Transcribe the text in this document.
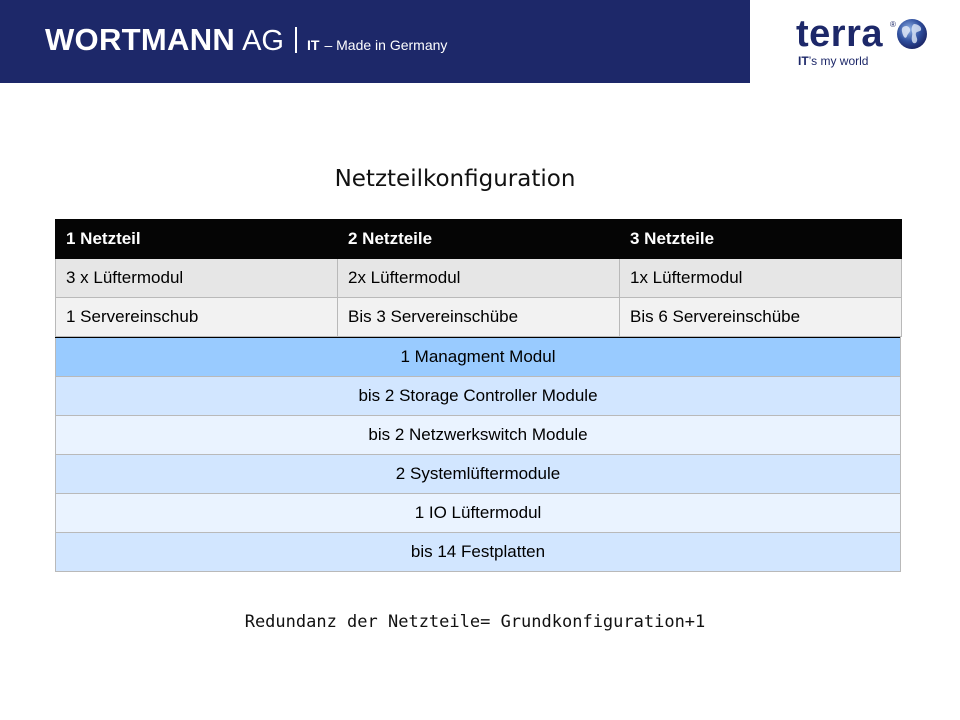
WORTMANN AG IT – Made in Germany	terra ®
IT’s my world
Netzteilkonfiguration
1 Netzteil	2 Netzteile	3 Netzteile
3 x Lüftermodul	2x Lüftermodul	1x Lüftermodul
1 Servereinschub	Bis 3 Servereinschübe	Bis 6 Servereinschübe
1 Managment Modul
bis 2 Storage Controller Module
bis 2 Netzwerkswitch Module
2 Systemlüftermodule
1 IO Lüftermodul
bis 14 Festplatten
Redundanz der Netzteile= Grundkonfiguration+1
